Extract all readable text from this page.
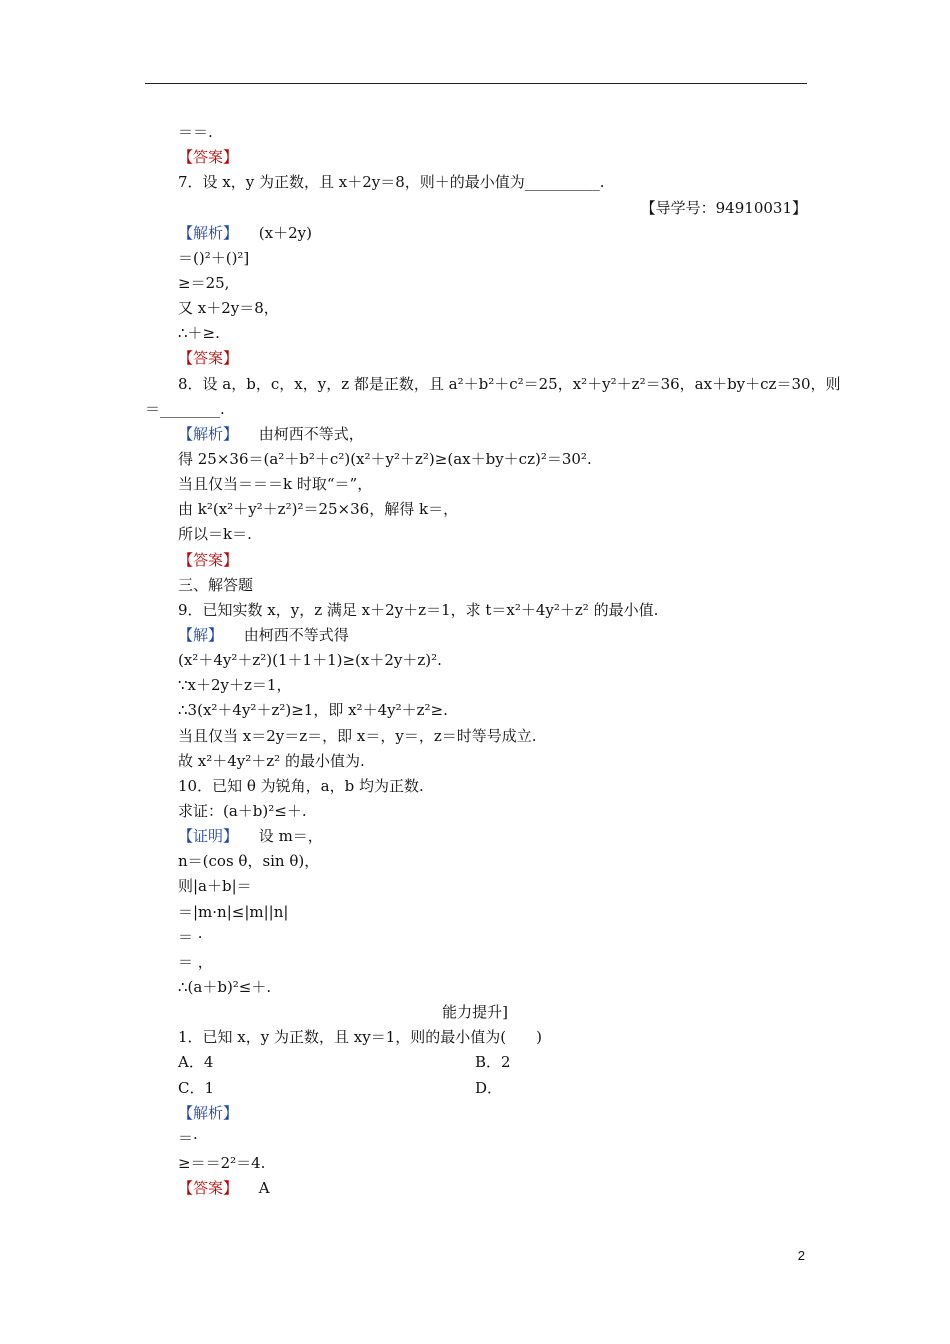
＝＝.
【答案】
7．设 x，y 为正数，且 x＋2y＝8，则＋的最小值为__________.
【导学号：94910031】
【解析】 (x＋2y)
＝()²＋()²]
≥＝25,
又 x＋2y＝8，
∴＋≥.
【答案】
8．设 a，b，c，x，y，z 都是正数，且 a²＋b²＋c²＝25，x²＋y²＋z²＝36，ax＋by＋cz＝30，则
＝________.
【解析】 由柯西不等式，
得 25×36＝(a²＋b²＋c²)(x²＋y²＋z²)≥(ax＋by＋cz)²＝30².
当且仅当＝＝＝k 时取“＝”，
由 k²(x²＋y²＋z²)²＝25×36，解得 k＝，
所以＝k＝.
【答案】
三、解答题
9．已知实数 x，y，z 满足 x＋2y＋z＝1，求 t＝x²＋4y²＋z² 的最小值.
【解】 由柯西不等式得
(x²＋4y²＋z²)(1＋1＋1)≥(x＋2y＋z)².
∵x＋2y＋z＝1，
∴3(x²＋4y²＋z²)≥1，即 x²＋4y²＋z²≥.
当且仅当 x＝2y＝z＝，即 x＝，y＝，z＝时等号成立.
故 x²＋4y²＋z² 的最小值为.
10．已知 θ 为锐角，a，b 均为正数.
求证：(a＋b)²≤＋.
【证明】 设 m＝，
n＝(cos θ，sin θ)，
则|a＋b|＝
＝|m·n|≤|m||n|
＝ ·
＝ ，
∴(a＋b)²≤＋.
能力提升]
1．已知 x，y 为正数，且 xy＝1，则的最小值为(　　)
A．4	B．2
C．1	D．
【解析】
＝·
≥＝＝2²＝4.
【答案】 A
2
